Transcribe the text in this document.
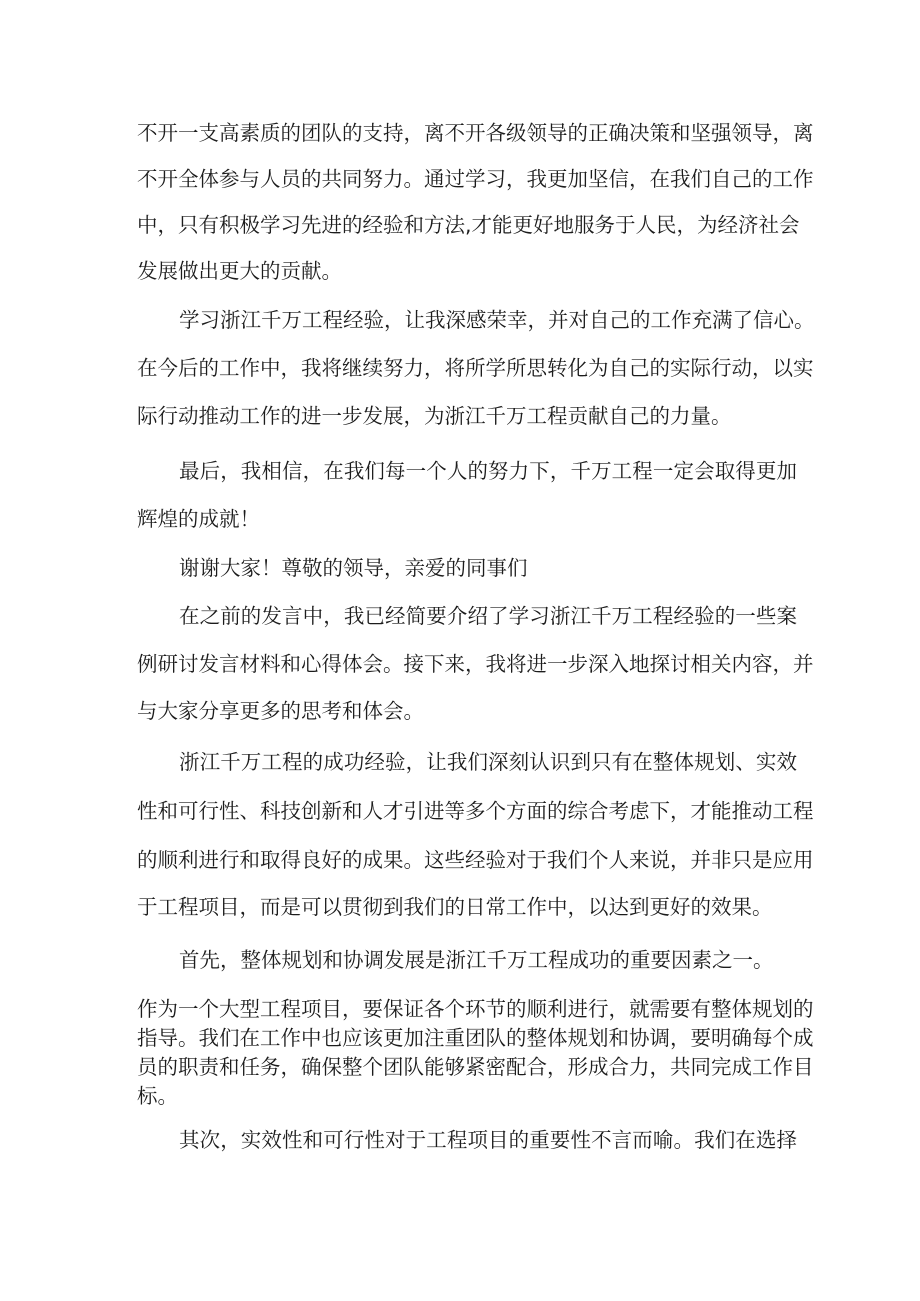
不开一支高素质的团队的支持，离不开各级领导的正确决策和坚强领导，离
不开全体参与人员的共同努力。通过学习，我更加坚信，在我们自己的工作
中，只有积极学习先进的经验和方法,才能更好地服务于人民，为经济社会
发展做出更大的贡献。
学习浙江千万工程经验，让我深感荣幸，并对自己的工作充满了信心。
在今后的工作中，我将继续努力，将所学所思转化为自己的实际行动，以实
际行动推动工作的进一步发展，为浙江千万工程贡献自己的力量。
最后，我相信，在我们每一个人的努力下，千万工程一定会取得更加
辉煌的成就！
谢谢大家！尊敬的领导，亲爱的同事们
在之前的发言中，我已经简要介绍了学习浙江千万工程经验的一些案
例研讨发言材料和心得体会。接下来，我将进一步深入地探讨相关内容，并
与大家分享更多的思考和体会。
浙江千万工程的成功经验，让我们深刻认识到只有在整体规划、实效
性和可行性、科技创新和人才引进等多个方面的综合考虑下，才能推动工程
的顺利进行和取得良好的成果。这些经验对于我们个人来说，并非只是应用
于工程项目，而是可以贯彻到我们的日常工作中，以达到更好的效果。
首先，整体规划和协调发展是浙江千万工程成功的重要因素之一。
作为一个大型工程项目，要保证各个环节的顺利进行，就需要有整体规划的
指导。我们在工作中也应该更加注重团队的整体规划和协调，要明确每个成
员的职责和任务，确保整个团队能够紧密配合，形成合力，共同完成工作目
标。
其次，实效性和可行性对于工程项目的重要性不言而喻。我们在选择
